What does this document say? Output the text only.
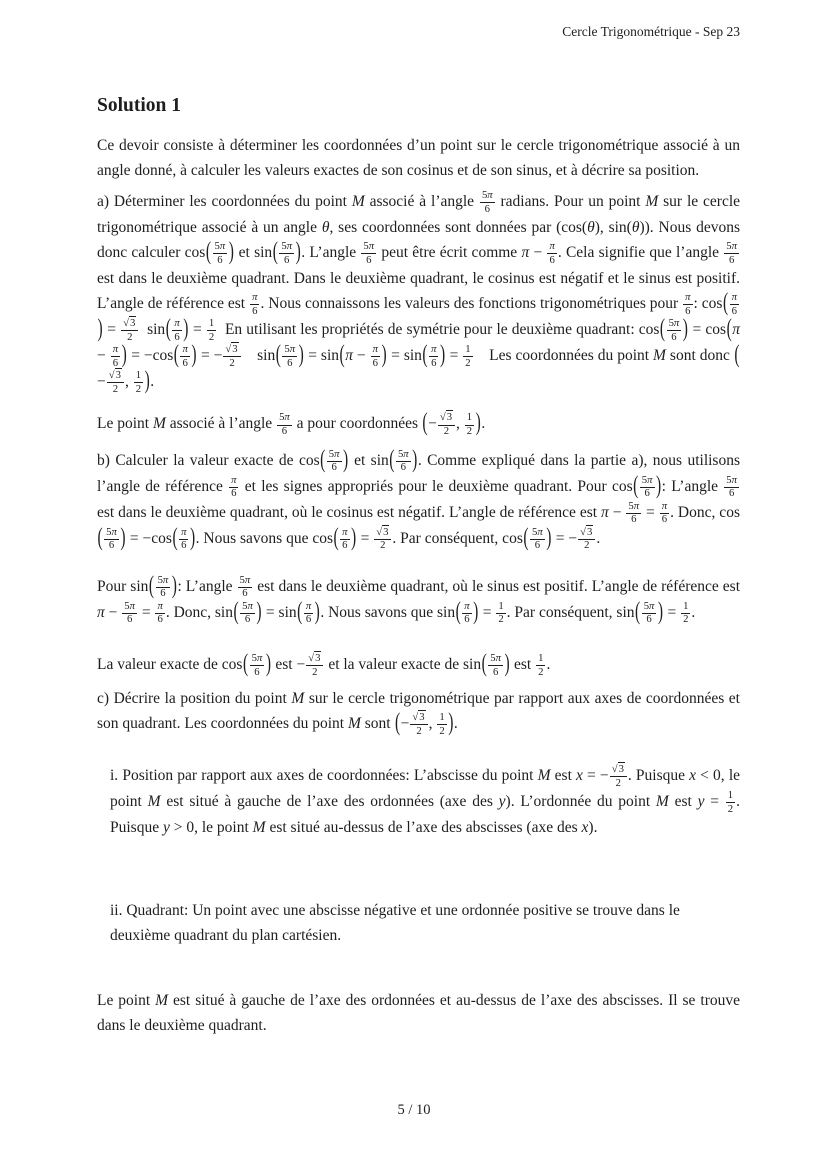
Cercle Trigonométrique - Sep 23
Solution 1

Ce devoir consiste à déterminer les coordonnées d’un point sur le cercle trigonométrique associé à un angle donné, à calculer les valeurs exactes de son cosinus et de son sinus, et à décrire sa position.

a) Déterminer les coordonnées du point M associé à l’angle $\frac{5\pi}{6}$ radians. Pour un point M sur le cercle trigonométrique associé à un angle θ, ses coordonnées sont données par (cos(θ), sin(θ)). Nous devons donc calculer $\cos( \frac{5\pi}{6}$ ) et $\sin( \frac{5\pi}{6}$ ). L’angle $\frac{5\pi}{6}$ peut être écrit comme $\pi - \frac{\pi}{6}$ . Cela signifie que l’angle $\frac{5\pi}{6}$
est dans le deuxième quadrant. Dans le deuxième quadrant, le cosinus est négatif et le sinus est positif. L’angle de référence est $\frac{\pi}{6}$ . Nous connaissons les valeurs des fonctions trigonométriques pour $\frac{\pi}{6}$ : $\cos( \frac{\pi}{6}$
) = $\frac{√3}{2}$  $\sin( \frac{\pi}{6}$ ) = $\frac{1}{2}$  En utilisant les propriétés de symétrie pour le deuxième quadrant: $\cos( \frac{5\pi}{6}$ ) = $\cos(\pi - \frac{\pi}{6}$ ) = $-\cos( \frac{\pi}{6}$ ) = − $\frac{√3}{2}$   $\sin( \frac{5\pi}{6}$ ) = $\sin(\pi - \frac{\pi}{6}$ ) = $\sin( \frac{\pi}{6}$ ) = $\frac{1}{2}$   Les coordonnées du point M sont donc (− $\frac{√3}{2}$ , $\frac{1}{2}$ ).

Le point M associé à l’angle $\frac{5\pi}{6}$ a pour coordonnées (− $\frac{√3}{2}$ , $\frac{1}{2}$ ).

b) Calculer la valeur exacte de $\cos( \frac{5\pi}{6}$ ) et $\sin( \frac{5\pi}{6}$ ). Comme expliqué dans la partie a), nous utilisons l’angle de référence $\frac{\pi}{6}$ et les signes appropriés pour le deuxième quadrant. Pour $\cos( \frac{5\pi}{6}$ ): L’angle $\frac{5\pi}{6}$
est dans le deuxième quadrant, où le cosinus est négatif. L’angle de référence est $\pi - \frac{5\pi}{6} = \frac{\pi}{6}$ . Donc, $\cos( \frac{5\pi}{6}$ ) = $-\cos( \frac{\pi}{6}$ ). Nous savons que $\cos( \frac{\pi}{6}$ ) = $\frac{√3}{2}$ . Par conséquent, $\cos( \frac{5\pi}{6}$ ) = − $\frac{√3}{2}$ .

Pour $\sin( \frac{5\pi}{6}$ ): L’angle $\frac{5\pi}{6}$ est dans le deuxième quadrant, où le sinus est positif. L’angle de référence est $\pi - \frac{5\pi}{6} = \frac{\pi}{6}$ . Donc, $\sin( \frac{5\pi}{6}$ ) = $\sin( \frac{\pi}{6}$ ). Nous savons que $\sin( \frac{\pi}{6}$ ) = $\frac{1}{2}$ . Par conséquent, $\sin( \frac{5\pi}{6}$ ) = $\frac{1}{2}$ .

La valeur exacte de $\cos( \frac{5\pi}{6}$ ) est − $\frac{√3}{2}$ et la valeur exacte de $\sin( \frac{5\pi}{6}$ ) est $\frac{1}{2}$ .

c) Décrire la position du point M sur le cercle trigonométrique par rapport aux axes de coordonnées et son quadrant. Les coordonnées du point M sont (− $\frac{√3}{2}$ , $\frac{1}{2}$ ).

i. Position par rapport aux axes de coordonnées: L’abscisse du point M est x = − $\frac{√3}{2}$ . Puisque x < 0, le point M est situé à gauche de l’axe des ordonnées (axe des y). L’ordonnée du point M est $y = \frac{1}{2}$ . Puisque y > 0, le point M est situé au-dessus de l’axe des abscisses (axe des x).

ii. Quadrant: Un point avec une abscisse négative et une ordonnée positive se trouve dans le deuxième quadrant du plan cartésien.

Le point M est situé à gauche de l’axe des ordonnées et au-dessus de l’axe des abscisses. Il se trouve dans le deuxième quadrant.

5 / 10
